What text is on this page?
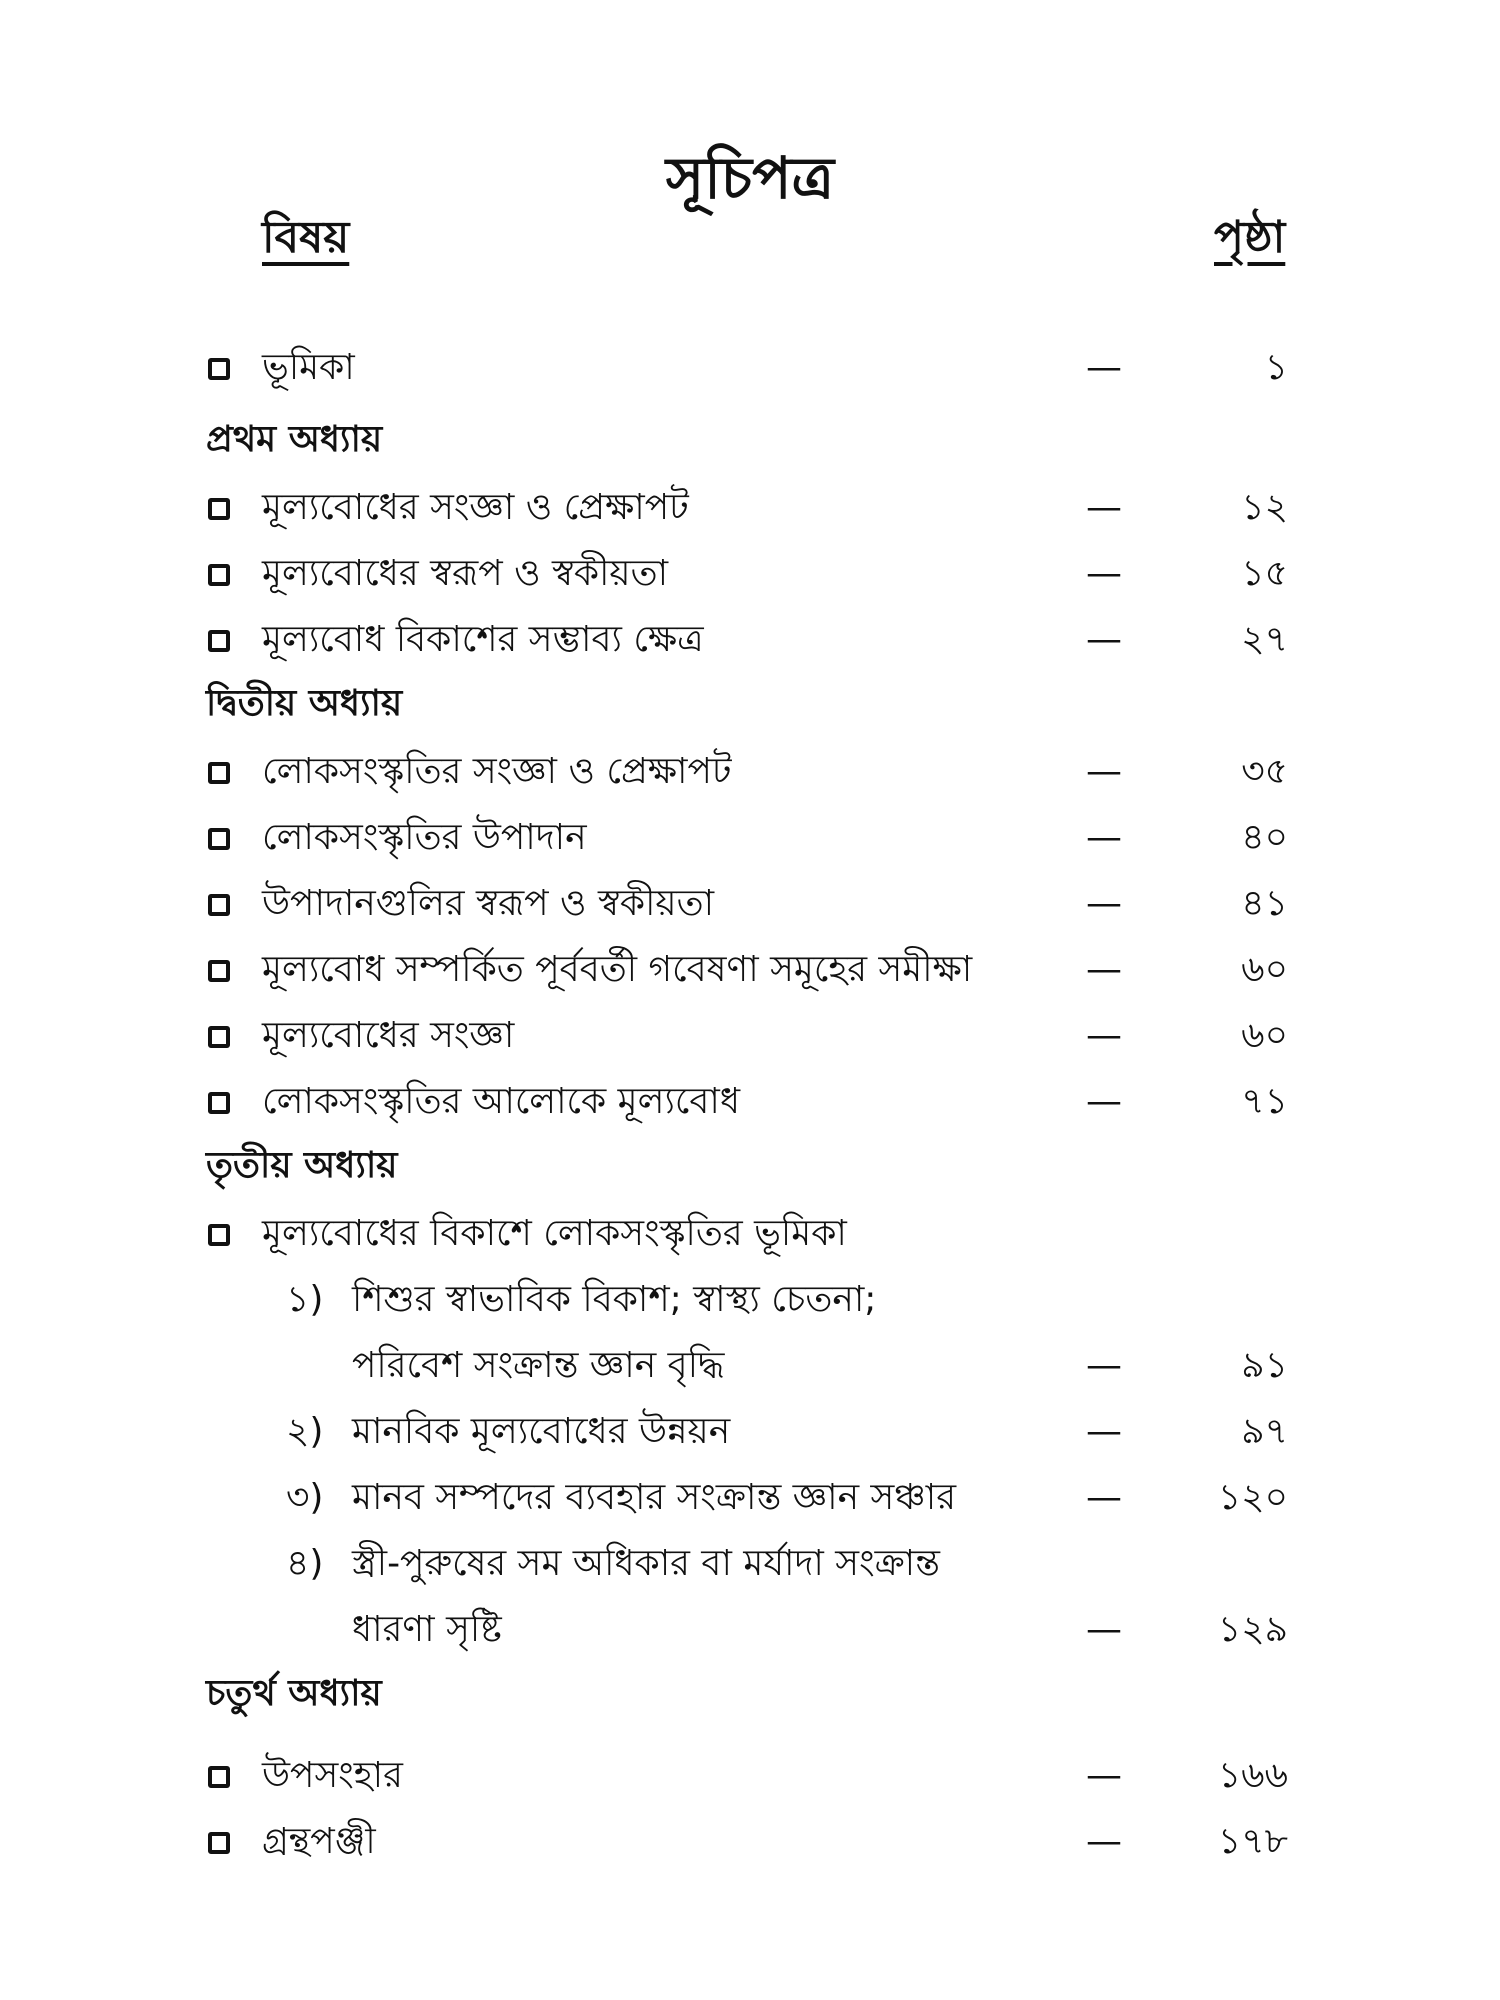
সূচিপত্র
বিষয়	পৃষ্ঠা
ভূমিকা	—	১
প্রথম অধ্যায়
মূল্যবোধের সংজ্ঞা ও প্রেক্ষাপট	—	১২
মূল্যবোধের স্বরূপ ও স্বকীয়তা	—	১৫
মূল্যবোধ বিকাশের সম্ভাব্য ক্ষেত্র	—	২৭
দ্বিতীয় অধ্যায়
লোকসংস্কৃতির সংজ্ঞা ও প্রেক্ষাপট	—	৩৫
লোকসংস্কৃতির উপাদান	—	৪০
উপাদানগুলির স্বরূপ ও স্বকীয়তা	—	৪১
মূল্যবোধ সম্পর্কিত পূর্ববর্তী গবেষণা সমূহের সমীক্ষা	—	৬০
মূল্যবোধের সংজ্ঞা	—	৬০
লোকসংস্কৃতির আলোকে মূল্যবোধ	—	৭১
তৃতীয় অধ্যায়
মূল্যবোধের বিকাশে লোকসংস্কৃতির ভূমিকা
১) শিশুর স্বাভাবিক বিকাশ; স্বাস্থ্য চেতনা;
পরিবেশ সংক্রান্ত জ্ঞান বৃদ্ধি	—	৯১
২) মানবিক মূল্যবোধের উন্নয়ন	—	৯৭
৩) মানব সম্পদের ব্যবহার সংক্রান্ত জ্ঞান সঞ্চার	—	১২০
৪) স্ত্রী-পুরুষের সম অধিকার বা মর্যাদা সংক্রান্ত
ধারণা সৃষ্টি	—	১২৯
চতুর্থ অধ্যায়
উপসংহার	—	১৬৬
গ্রন্থপঞ্জী	—	১৭৮
